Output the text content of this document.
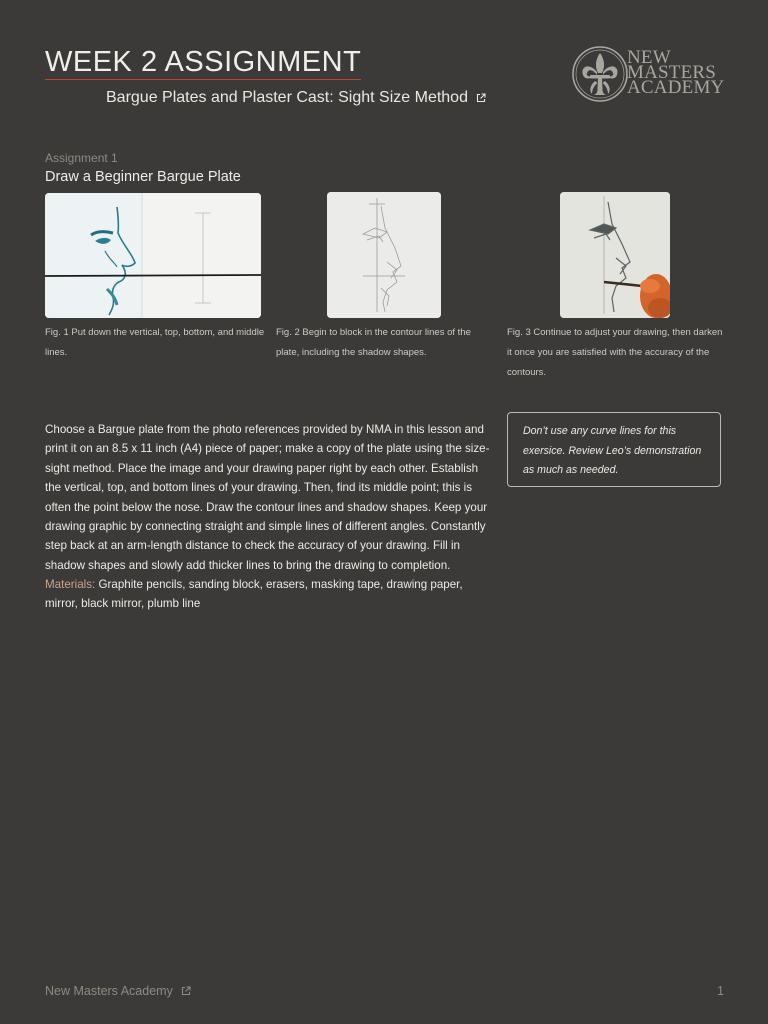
WEEK 2 ASSIGNMENT
Bargue Plates and Plaster Cast: Sight Size Method
NEW
MASTERS
ACADEMY
Assignment 1
Draw a Beginner Bargue Plate
Fig. 1 Put down the vertical, top, bottom, and middle lines.
Fig. 2 Begin to block in the contour lines of the plate, including the shadow shapes.
Fig. 3 Continue to adjust your drawing, then darken it once you are satisfied with the accuracy of the contours.
Choose a Bargue plate from the photo references provided by NMA in this lesson and print it on an 8.5 x 11 inch (A4) piece of paper; make a copy of the plate using the size-sight method. Place the image and your drawing paper right by each other. Establish the vertical, top, and bottom lines of your drawing. Then, find its middle point; this is often the point below the nose. Draw the contour lines and shadow shapes. Keep your drawing graphic by connecting straight and simple lines of different angles. Constantly step back at an arm-length distance to check the accuracy of your drawing. Fill in shadow shapes and slowly add thicker lines to bring the drawing to completion.
Materials: Graphite pencils, sanding block, erasers, masking tape, drawing paper, mirror, black mirror, plumb line
Don’t use any curve lines for this exersice. Review Leo’s demonstration as much as needed.
New Masters Academy	1
